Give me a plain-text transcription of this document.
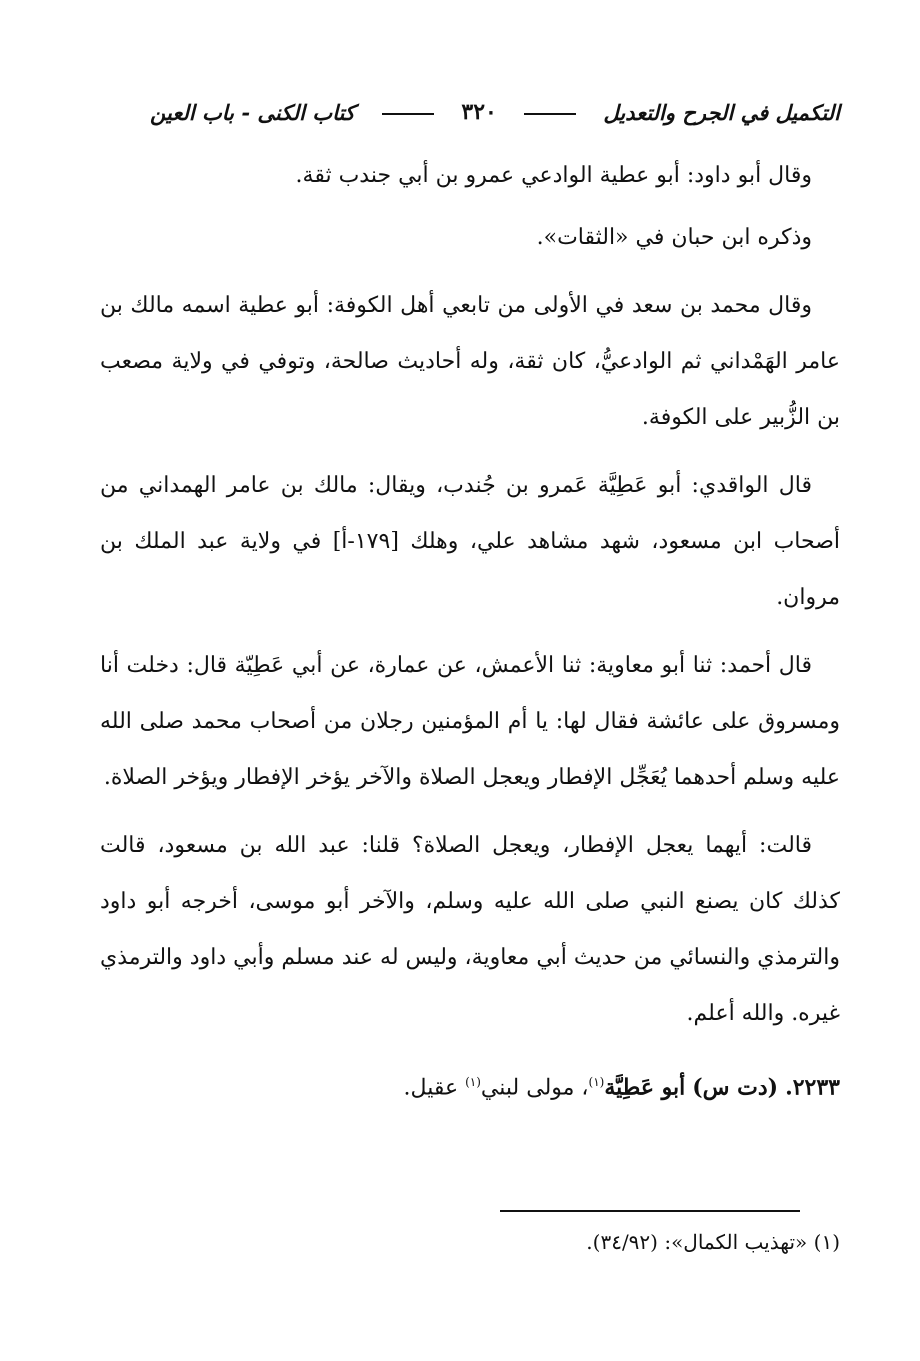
التكميل في الجرح والتعديل
٣٢٠
كتاب الكنى - باب العين

وقال أبو داود: أبو عطية الوادعي عمرو بن أبي جندب ثقة.

وذكره ابن حبان في «الثقات».

وقال محمد بن سعد في الأولى من تابعي أهل الكوفة: أبو عطية اسمه مالك بن عامر الهَمْداني ثم الوادعيُّ، كان ثقة، وله أحاديث صالحة، وتوفي في ولاية مصعب بن الزُّبير على الكوفة.

قال الواقدي: أبو عَطِيَّة عَمرو بن جُندب، ويقال: مالك بن عامر الهمداني من أصحاب ابن مسعود، شهد مشاهد علي، وهلك [١٧٩-أ] في ولاية عبد الملك بن مروان.

قال أحمد: ثنا أبو معاوية: ثنا الأعمش، عن عمارة، عن أبي عَطِيّة قال: دخلت أنا ومسروق على عائشة فقال لها: يا أم المؤمنين رجلان من أصحاب محمد صلى الله عليه وسلم أحدهما يُعَجِّل الإفطار ويعجل الصلاة والآخر يؤخر الإفطار ويؤخر الصلاة.

قالت: أيهما يعجل الإفطار، ويعجل الصلاة؟ قلنا: عبد الله بن مسعود، قالت كذلك كان يصنع النبي صلى الله عليه وسلم، والآخر أبو موسى، أخرجه أبو داود والترمذي والنسائي من حديث أبي معاوية، وليس له عند مسلم وأبي داود والترمذي غيره. والله أعلم.

٢٢٣٣. (دت س) أبو عَطِيَّة$^{(١)}$، مولى لبني$^{(١)}$ عقيل.

(١) «تهذيب الكمال»: (٣٤/٩٢).
